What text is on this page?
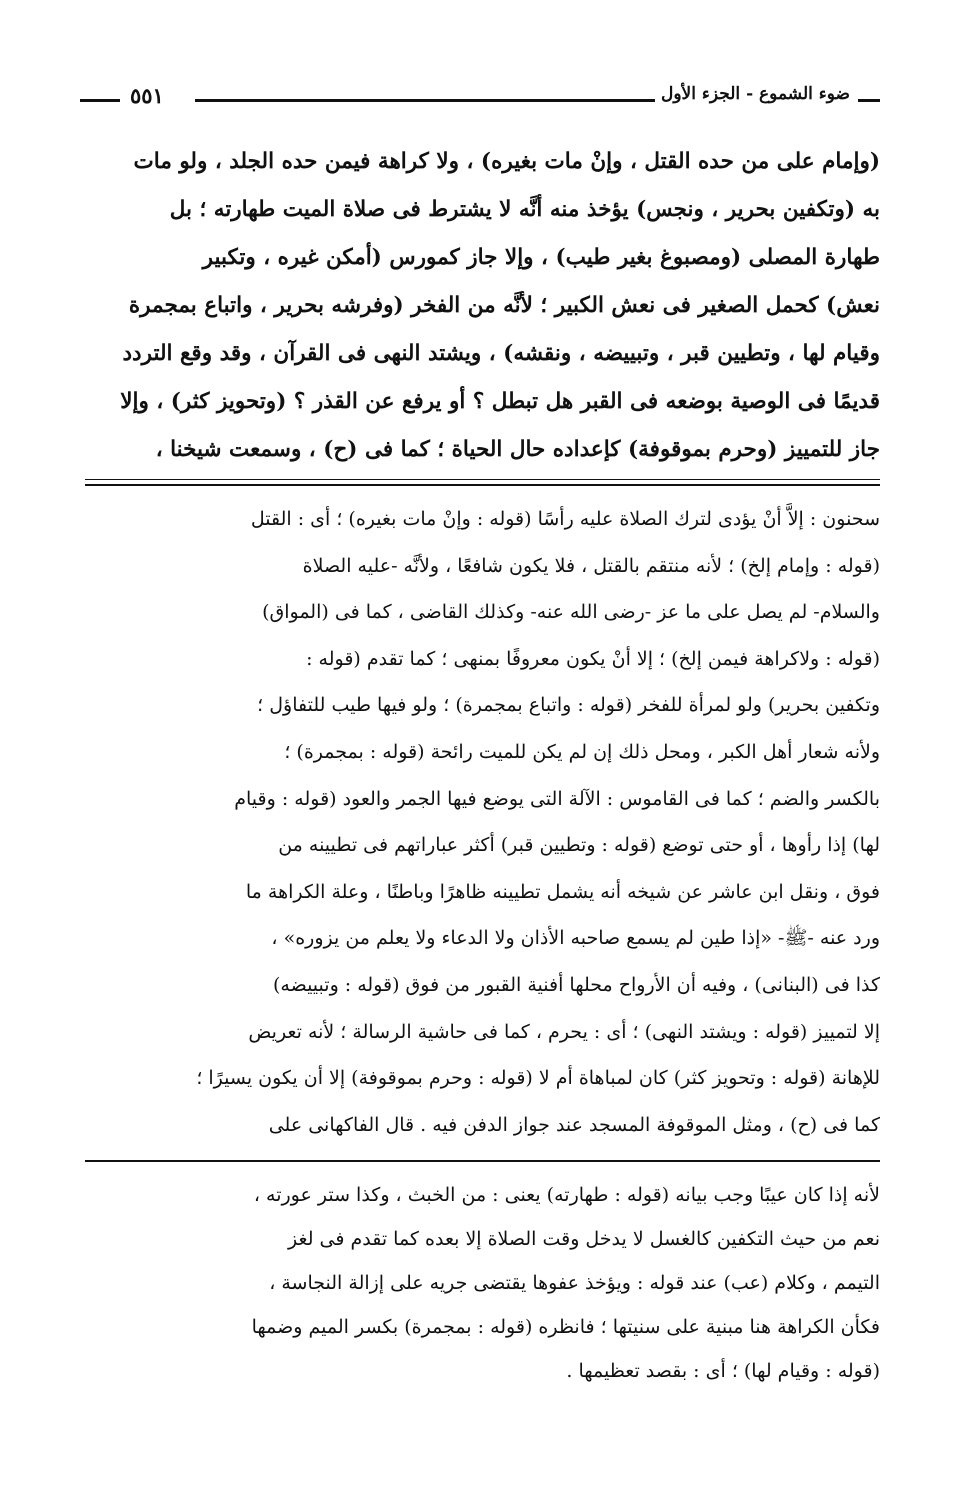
ضوء الشموع - الجزء الأول
٥٥١

(وإمام على من حده القتل ، وإنْ مات بغيره) ، ولا كراهة فيمن حده الجلد ، ولو مات

به (وتكفين بحرير ، ونجس) يؤخذ منه أنَّه لا يشترط فى صلاة الميت طهارته ؛ بل

طهارة المصلى (ومصبوغ بغير طيب) ، وإلا جاز كمورس (أمكن غيره ، وتكبير

نعش) كحمل الصغير فى نعش الكبير ؛ لأنَّه من الفخر (وفرشه بحرير ، واتباع بمجمرة

وقيام لها ، وتطيين قبر ، وتبييضه ، ونقشه) ، ويشتد النهى فى القرآن ، وقد وقع التردد

قديمًا فى الوصية بوضعه فى القبر هل تبطل ؟ أو يرفع عن القذر ؟ (وتحويز كثر) ، وإلا

جاز للتمييز (وحرم بموقوفة) كإعداده حال الحياة ؛ كما فى (ح) ، وسمعت شيخنا ،

سحنون : إلاَّ أنْ يؤدى لترك الصلاة عليه رأسًا (قوله : وإنْ مات بغيره) ؛ أى : القتل

(قوله : وإمام إلخ) ؛ لأنه منتقم بالقتل ، فلا يكون شافعًا ، ولأنَّه -عليه الصلاة

والسلام- لم يصل على ما عز -رضى الله عنه- وكذلك القاضى ، كما فى (المواق)

(قوله : ولاكراهة فيمن إلخ) ؛ إلا أنْ يكون معروفًا بمنهى ؛ كما تقدم (قوله :

وتكفين بحرير) ولو لمرأة للفخر (قوله : واتباع بمجمرة) ؛ ولو فيها طيب للتفاؤل ؛

ولأنه شعار أهل الكبر ، ومحل ذلك إن لم يكن للميت رائحة (قوله : بمجمرة) ؛

بالكسر والضم ؛ كما فى القاموس : الآلة التى يوضع فيها الجمر والعود (قوله : وقيام

لها) إذا رأوها ، أو حتى توضع (قوله : وتطيين قبر) أكثر عباراتهم فى تطيينه من

فوق ، ونقل ابن عاشر عن شيخه أنه يشمل تطيينه ظاهرًا وباطنًا ، وعلة الكراهة ما

ورد عنه -ﷺ- «إذا طين لم يسمع صاحبه الأذان ولا الدعاء ولا يعلم من يزوره» ،

كذا فى (البنانى) ، وفيه أن الأرواح محلها أفنية القبور من فوق (قوله : وتبييضه)

إلا لتمييز (قوله : ويشتد النهى) ؛ أى : يحرم ، كما فى حاشية الرسالة ؛ لأنه تعريض

للإهانة (قوله : وتحويز كثر) كان لمباهاة أم لا (قوله : وحرم بموقوفة) إلا أن يكون يسيرًا ؛

كما فى (ح) ، ومثل الموقوفة المسجد عند جواز الدفن فيه . قال الفاكهانى على

لأنه إذا كان عيبًا وجب بيانه (قوله : طهارته) يعنى : من الخبث ، وكذا ستر عورته ،

نعم من حيث التكفين كالغسل لا يدخل وقت الصلاة إلا بعده كما تقدم فى لغز

التيمم ، وكلام (عب) عند قوله : ويؤخذ عفوها يقتضى جريه على إزالة النجاسة ،

فكأن الكراهة هنا مبنية على سنيتها ؛ فانظره (قوله : بمجمرة) بكسر الميم وضمها

(قوله : وقيام لها) ؛ أى : بقصد تعظيمها .
